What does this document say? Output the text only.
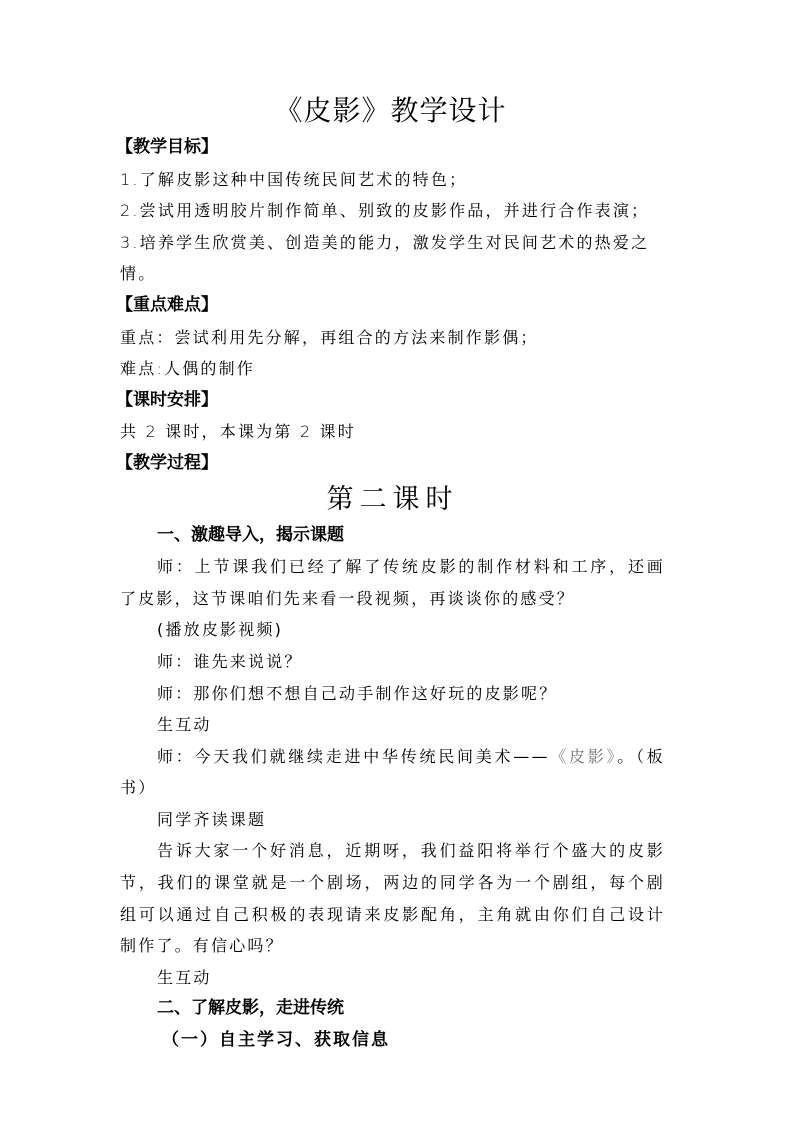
《皮影》教学设计
【教学目标】
1.了解皮影这种中国传统民间艺术的特色；
2.尝试用透明胶片制作简单、别致的皮影作品，并进行合作表演；
3.培养学生欣赏美、创造美的能力，激发学生对民间艺术的热爱之
情。
【重点难点】
重点：尝试利用先分解，再组合的方法来制作影偶；
难点:人偶的制作
【课时安排】
共 2 课时，本课为第 2 课时
【教学过程】
第二课时
一、激趣导入，揭示课题
师：上节课我们已经了解了传统皮影的制作材料和工序，还画了皮影，这节课咱们先来看一段视频，再谈谈你的感受？
(播放皮影视频)
师：谁先来说说？
师：那你们想不想自己动手制作这好玩的皮影呢？
生互动
师：今天我们就继续走进中华传统民间美术——《皮影》。（板书）
同学齐读课题
告诉大家一个好消息，近期呀，我们益阳将举行个盛大的皮影节，我们的课堂就是一个剧场，两边的同学各为一个剧组，每个剧组可以通过自己积极的表现请来皮影配角，主角就由你们自己设计制作了。有信心吗？
生互动
二、了解皮影，走进传统
（一）自主学习、获取信息
